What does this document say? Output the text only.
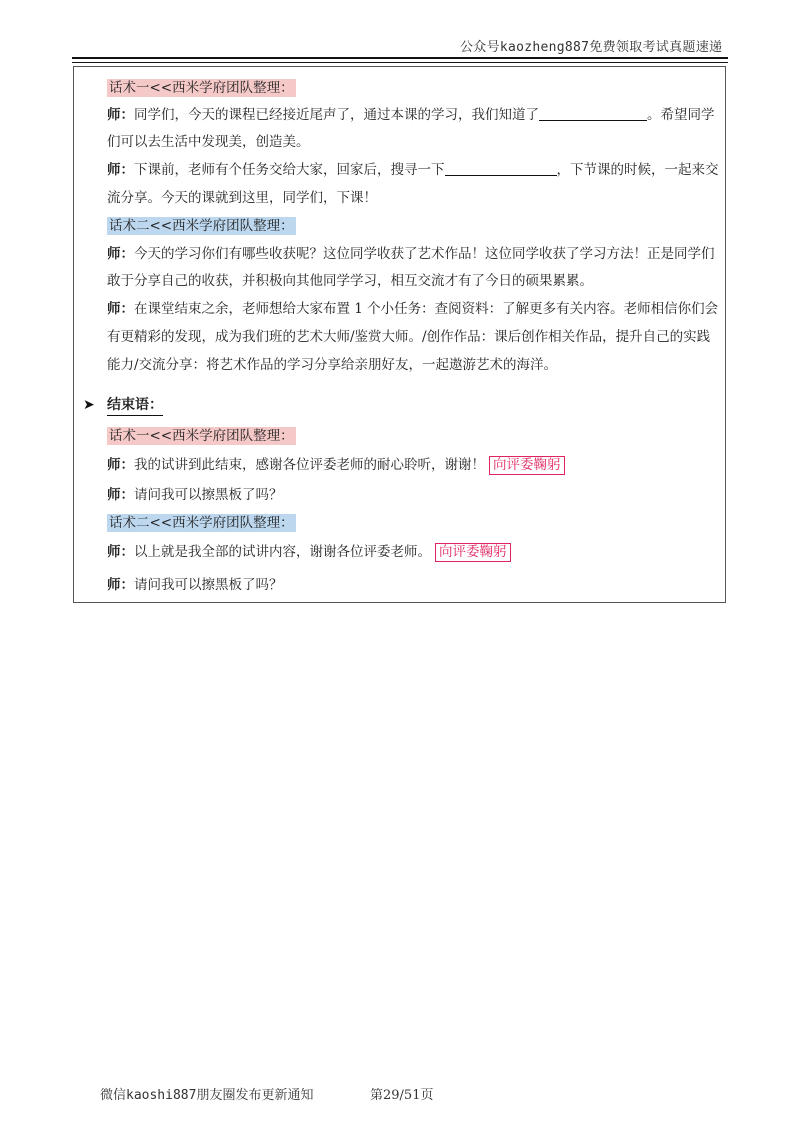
公众号kaozheng887免费领取考试真题速递
话术一<<西米学府团队整理：
师：同学们，今天的课程已经接近尾声了，通过本课的学习，我们知道了	。希望同学
们可以去生活中发现美，创造美。
师：下课前，老师有个任务交给大家，回家后，搜寻一下	，下节课的时候，一起来交
流分享。今天的课就到这里，同学们，下课！
话术二<<西米学府团队整理：
师：今天的学习你们有哪些收获呢？这位同学收获了艺术作品！这位同学收获了学习方法！正是同学们
敢于分享自己的收获，并积极向其他同学学习，相互交流才有了今日的硕果累累。
师：在课堂结束之余，老师想给大家布置 1 个小任务：查阅资料：了解更多有关内容。老师相信你们会
有更精彩的发现，成为我们班的艺术大师/鉴赏大师。/创作作品：课后创作相关作品，提升自己的实践
能力/交流分享：将艺术作品的学习分享给亲朋好友，一起遨游艺术的海洋。
➤ 结束语：
话术一<<西米学府团队整理：
师：我的试讲到此结束，感谢各位评委老师的耐心聆听，谢谢！ 向评委鞠躬
师：请问我可以擦黑板了吗？
话术二<<西米学府团队整理：
师：以上就是我全部的试讲内容，谢谢各位评委老师。 向评委鞠躬
师：请问我可以擦黑板了吗？
微信kaoshi887朋友圈发布更新通知	第29/51页
